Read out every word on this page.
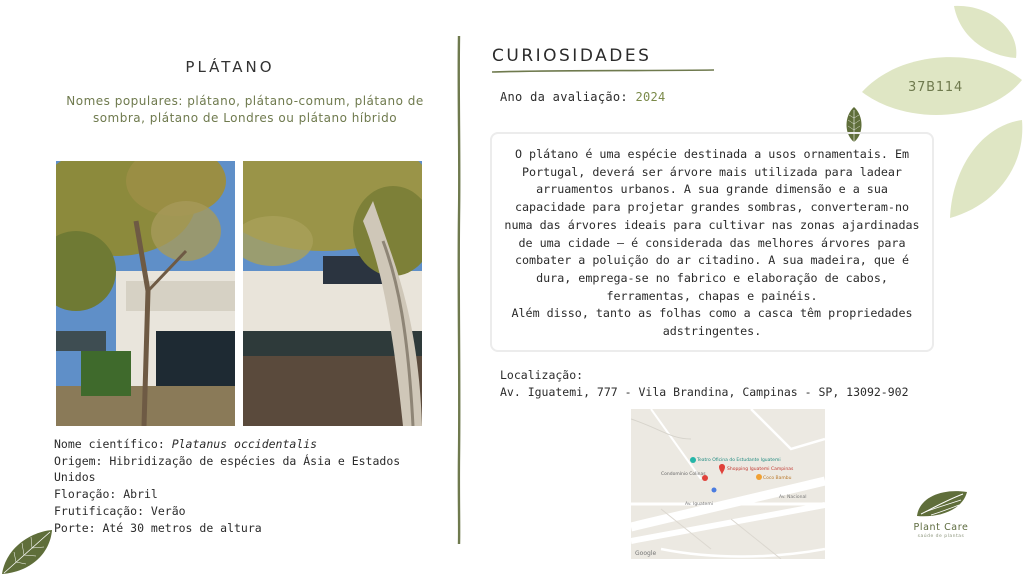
37B114
PLÁTANO
Nomes populares: plátano, plátano-comum, plátano de sombra, plátano de Londres ou plátano híbrido
Nome científico: Platanus occidentalis
Origem: Hibridização de espécies da Ásia e Estados Unidos
Floração: Abril
Frutificação: Verão
Porte: Até 30 metros de altura
CURIOSIDADES
Ano da avaliação: 2024

O plátano é uma espécie destinada a usos ornamentais. Em Portugal, deverá ser árvore mais utilizada para ladear arruamentos urbanos. A sua grande dimensão e a sua capacidade para projetar grandes sombras, converteram-no numa das árvores ideais para cultivar nas zonas ajardinadas de uma cidade – é considerada das melhores árvores para combater a poluição do ar citadino. A sua madeira, que é dura, emprega-se no fabrico e elaboração de cabos, ferramentas, chapas e painéis.

Além disso, tanto as folhas como a casca têm propriedades adstringentes.

Localização:
Av. Iguatemi, 777 - Vila Brandina, Campinas - SP, 13092-902
Teatro Oficina do Estudante Iguatemi
Shopping Iguatemi Campinas
Condomínio Colinas
Coco Bambu
Av. Iguatemi
Av. Nacional
Google
Plant Care
saúde de plantas
